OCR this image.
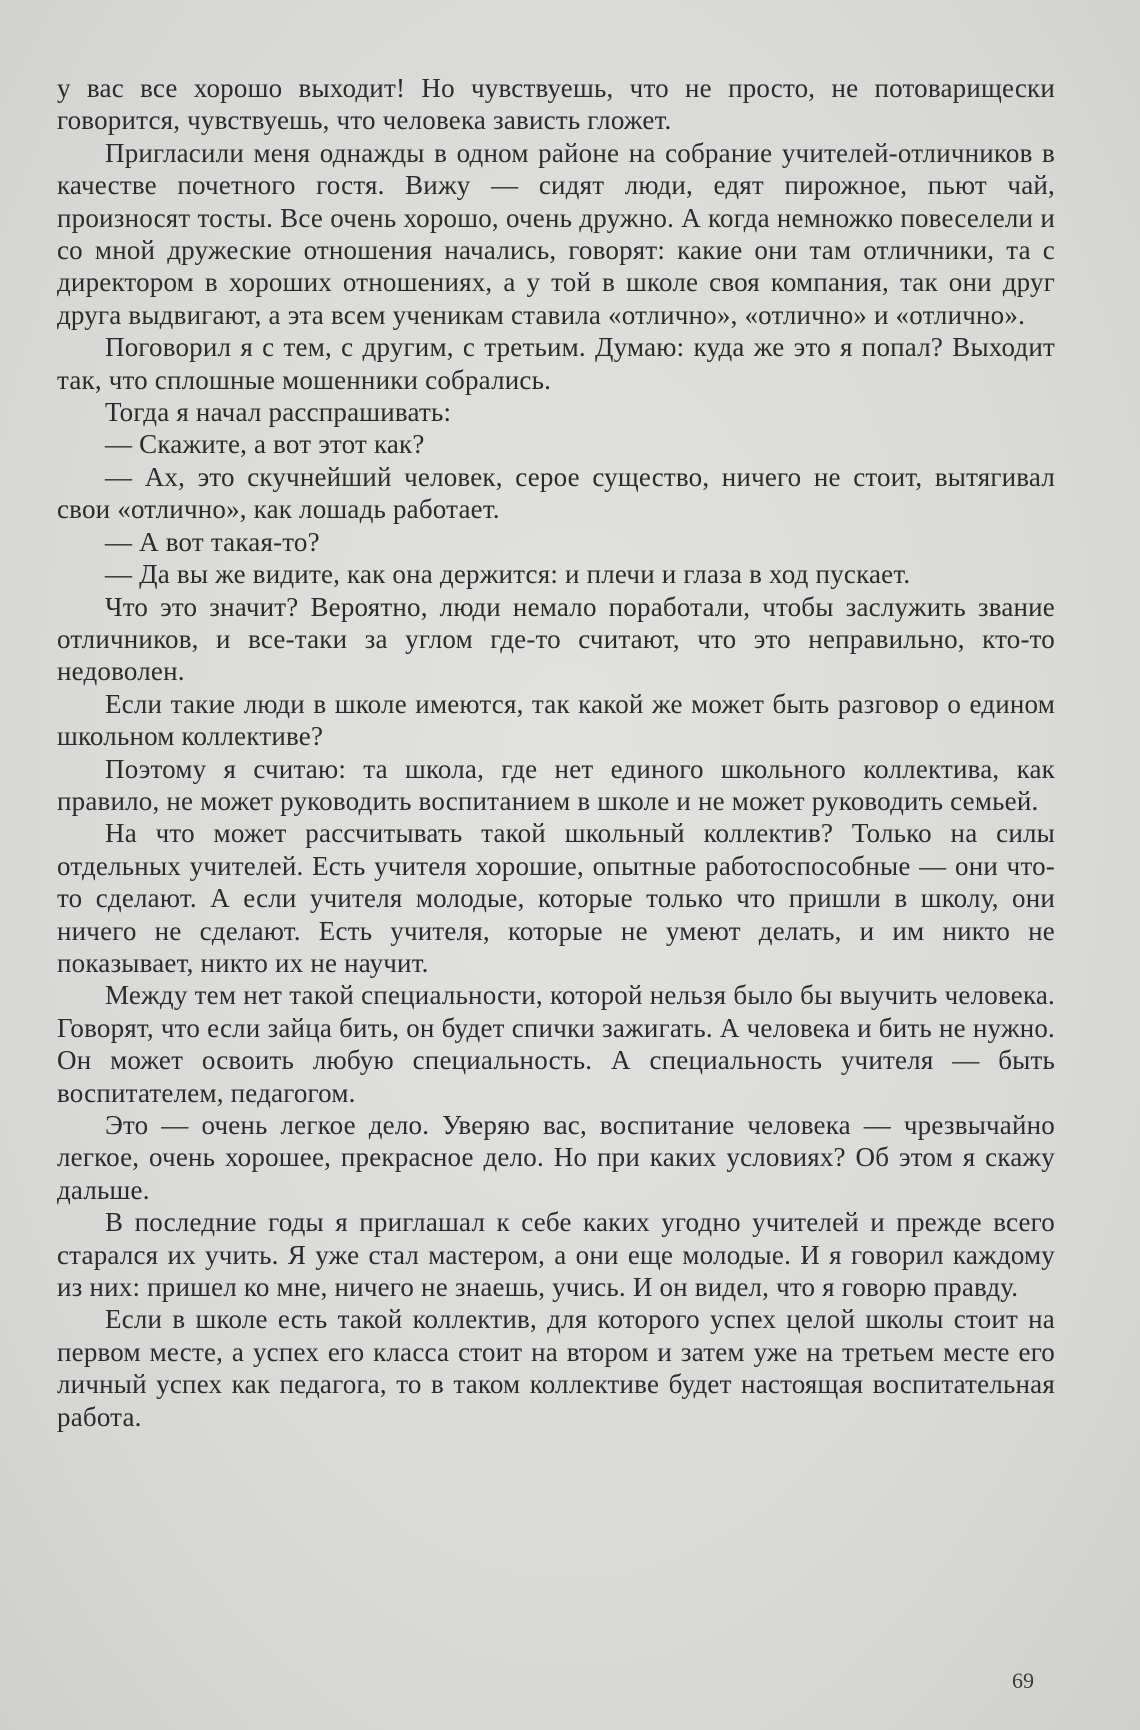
у вас все хорошо выходит! Но чувствуешь, что не просто, не потоварищески говорится, чувствуешь, что человека зависть гложет.

Пригласили меня однажды в одном районе на собрание учителей-отличников в качестве почетного гостя. Вижу — сидят люди, едят пирожное, пьют чай, произносят тосты. Все очень хорошо, очень дружно. А когда немножко повеселели и со мной дружеские отношения начались, говорят: какие они там отличники, та с директором в хороших отношениях, а у той в школе своя компания, так они друг друга выдвигают, а эта всем ученикам ставила «отлично», «отлично» и «отлично».

Поговорил я с тем, с другим, с третьим. Думаю: куда же это я попал? Выходит так, что сплошные мошенники собрались.

Тогда я начал расспрашивать:

— Скажите, а вот этот как?

— Ах, это скучнейший человек, серое существо, ничего не стоит, вытягивал свои «отлично», как лошадь работает.

— А вот такая-то?

— Да вы же видите, как она держится: и плечи и глаза в ход пускает.

Что это значит? Вероятно, люди немало поработали, чтобы заслужить звание отличников, и все-таки за углом где-то считают, что это неправильно, кто-то недоволен.

Если такие люди в школе имеются, так какой же может быть разговор о едином школьном коллективе?

Поэтому я считаю: та школа, где нет единого школьного коллектива, как правило, не может руководить воспитанием в школе и не может руководить семьей.

На что может рассчитывать такой школьный коллектив? Только на силы отдельных учителей. Есть учителя хорошие, опытные работоспособные — они что-то сделают. А если учителя молодые, которые только что пришли в школу, они ничего не сделают. Есть учителя, которые не умеют делать, и им никто не показывает, никто их не научит.

Между тем нет такой специальности, которой нельзя было бы выучить человека. Говорят, что если зайца бить, он будет спички зажигать. А человека и бить не нужно. Он может освоить любую специальность. А специальность учителя — быть воспитателем, педагогом.

Это — очень легкое дело. Уверяю вас, воспитание человека — чрезвычайно легкое, очень хорошее, прекрасное дело. Но при каких условиях? Об этом я скажу дальше.

В последние годы я приглашал к себе каких угодно учителей и прежде всего старался их учить. Я уже стал мастером, а они еще молодые. И я говорил каждому из них: пришел ко мне, ничего не знаешь, учись. И он видел, что я говорю правду.

Если в школе есть такой коллектив, для которого успех целой школы стоит на первом месте, а успех его класса стоит на втором и затем уже на третьем месте его личный успех как педагога, то в таком коллективе будет настоящая воспитательная работа.

69
